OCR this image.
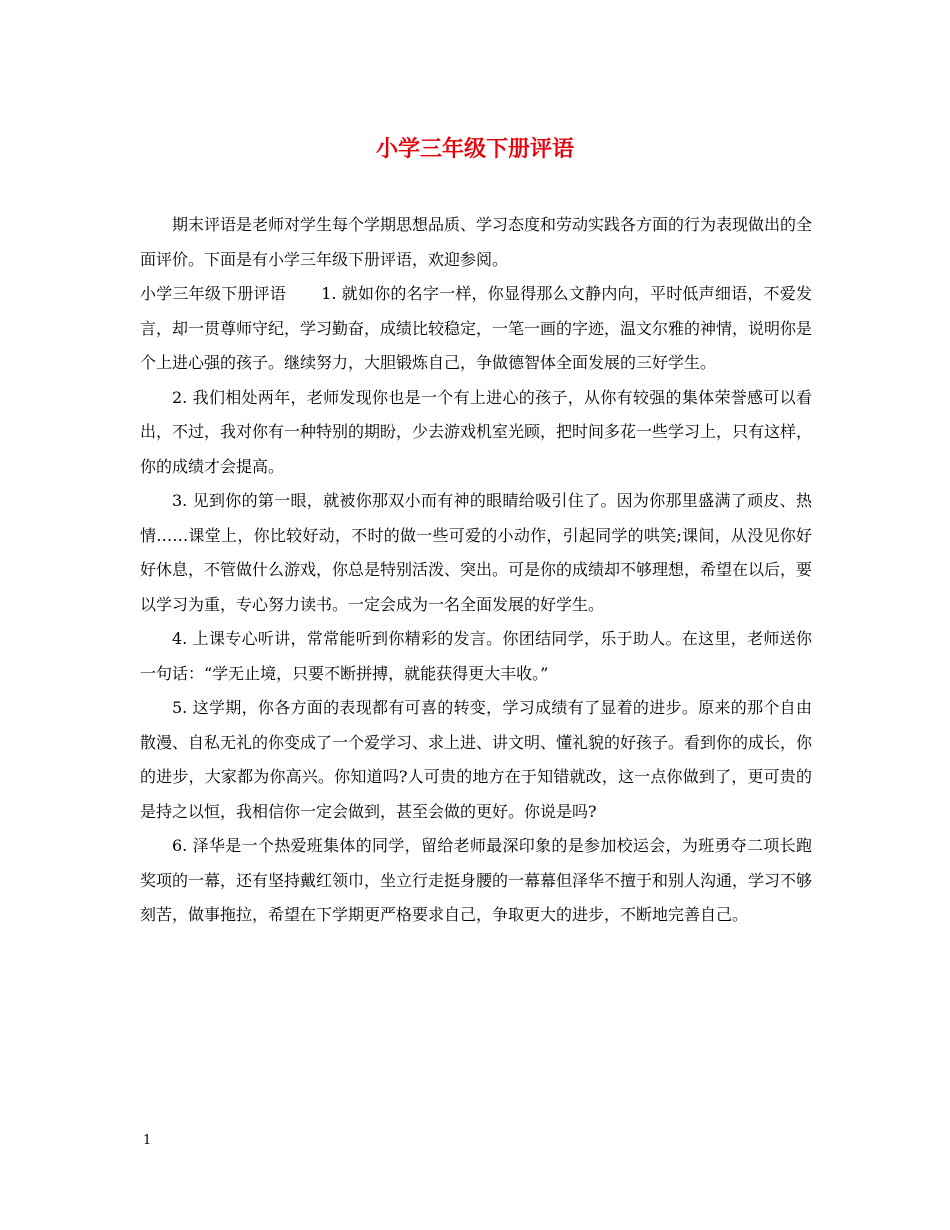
小学三年级下册评语

期末评语是老师对学生每个学期思想品质、学习态度和劳动实践各方面的行为表现做出的全面评价。下面是有小学三年级下册评语，欢迎参阅。

小学三年级下册评语 1. 就如你的名字一样，你显得那么文静内向，平时低声细语，不爱发言，却一贯尊师守纪，学习勤奋，成绩比较稳定，一笔一画的字迹，温文尔雅的神情，说明你是个上进心强的孩子。继续努力，大胆锻炼自己，争做德智体全面发展的三好学生。

2. 我们相处两年，老师发现你也是一个有上进心的孩子，从你有较强的集体荣誉感可以看出，不过，我对你有一种特别的期盼，少去游戏机室光顾，把时间多花一些学习上，只有这样，你的成绩才会提高。

3. 见到你的第一眼，就被你那双小而有神的眼睛给吸引住了。因为你那里盛满了顽皮、热情……课堂上，你比较好动，不时的做一些可爱的小动作，引起同学的哄笑;课间，从没见你好好休息，不管做什么游戏，你总是特别活泼、突出。可是你的成绩却不够理想，希望在以后，要以学习为重，专心努力读书。一定会成为一名全面发展的好学生。

4. 上课专心听讲，常常能听到你精彩的发言。你团结同学，乐于助人。在这里，老师送你一句话：“学无止境，只要不断拼搏，就能获得更大丰收。”

5. 这学期，你各方面的表现都有可喜的转变，学习成绩有了显着的进步。原来的那个自由散漫、自私无礼的你变成了一个爱学习、求上进、讲文明、懂礼貌的好孩子。看到你的成长，你的进步，大家都为你高兴。你知道吗?人可贵的地方在于知错就改，这一点你做到了，更可贵的是持之以恒，我相信你一定会做到，甚至会做的更好。你说是吗?

6. 泽华是一个热爱班集体的同学，留给老师最深印象的是参加校运会，为班勇夺二项长跑奖项的一幕，还有坚持戴红领巾，坐立行走挺身腰的一幕幕但泽华不擅于和别人沟通，学习不够刻苦，做事拖拉，希望在下学期更严格要求自己，争取更大的进步，不断地完善自己。

1
